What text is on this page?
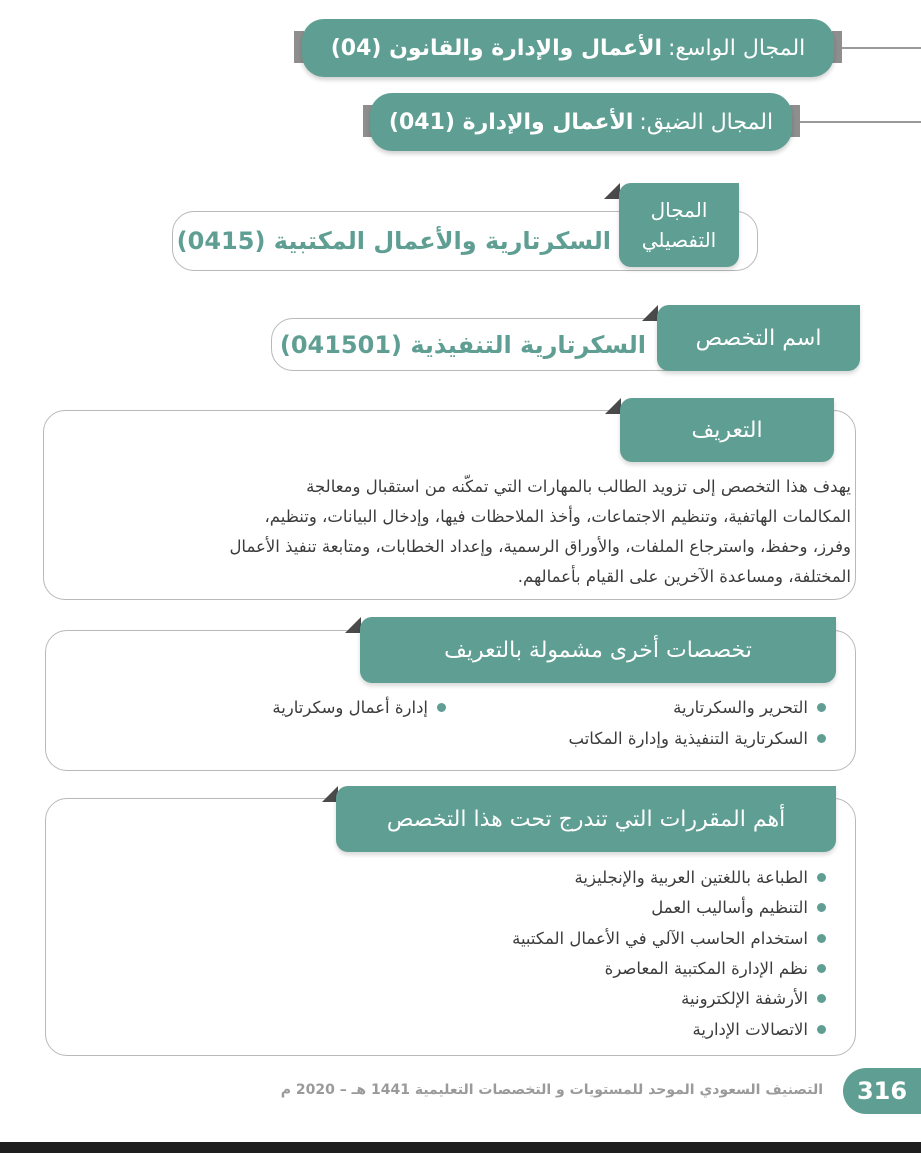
المجال الواسع:
الأعمال والإدارة والقانون (04)
المجال الضيق:
الأعمال والإدارة (041)
المجال
التفصيلي
السكرتارية والأعمال المكتبية (0415)
اسم التخصص
السكرتارية التنفيذية (041501)
التعريف
يهدف هذا التخصص إلى تزويد الطالب بالمهارات التي تمكّنه من استقبال ومعالجة
المكالمات الهاتفية، وتنظيم الاجتماعات، وأخذ الملاحظات فيها، وإدخال البيانات، وتنظيم،
وفرز، وحفظ، واسترجاع الملفات، والأوراق الرسمية، وإعداد الخطابات، ومتابعة تنفيذ الأعمال
المختلفة، ومساعدة الآخرين على القيام بأعمالهم.
تخصصات أخرى مشمولة بالتعريف
التحرير والسكرتارية
إدارة أعمال وسكرتارية
السكرتارية التنفيذية وإدارة المكاتب
أهم المقررات التي تندرج تحت هذا التخصص
الطباعة باللغتين العربية والإنجليزية
التنظيم وأساليب العمل
استخدام الحاسب الآلي في الأعمال المكتبية
نظم الإدارة المكتبية المعاصرة
الأرشفة الإلكترونية
الاتصالات الإدارية
316
التصنيف السعودي الموحد للمستويات و التخصصات التعليمية 1441 هـ – 2020 م
